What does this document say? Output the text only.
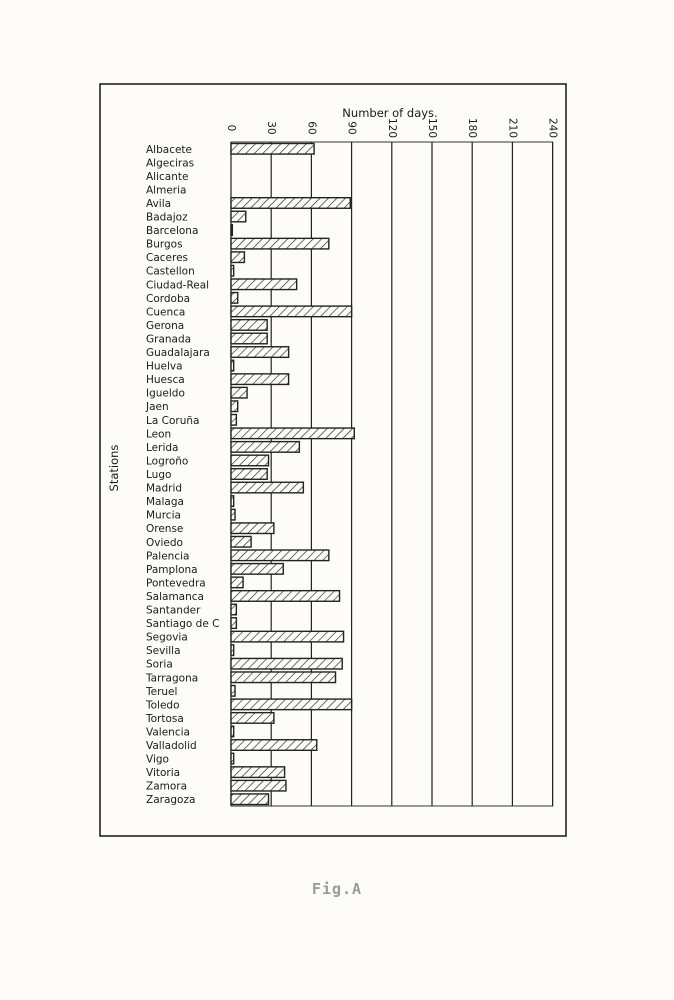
0	30	60	90	120	150	180	210	240
Number of days.
Stations
Albacete
Algeciras
Alicante
Almeria
Avila
Badajoz
Barcelona
Burgos
Caceres
Castellon
Ciudad-Real
Cordoba
Cuenca
Gerona
Granada
Guadalajara
Huelva
Huesca
Igueldo
Jaen
La Coruña
Leon
Lerida
Logroño
Lugo
Madrid
Malaga
Murcia
Orense
Oviedo
Palencia
Pamplona
Pontevedra
Salamanca
Santander
Santiago de C
Segovia
Sevilla
Soria
Tarragona
Teruel
Toledo
Tortosa
Valencia
Valladolid
Vigo
Vitoria
Zamora
Zaragoza
Fig.A
